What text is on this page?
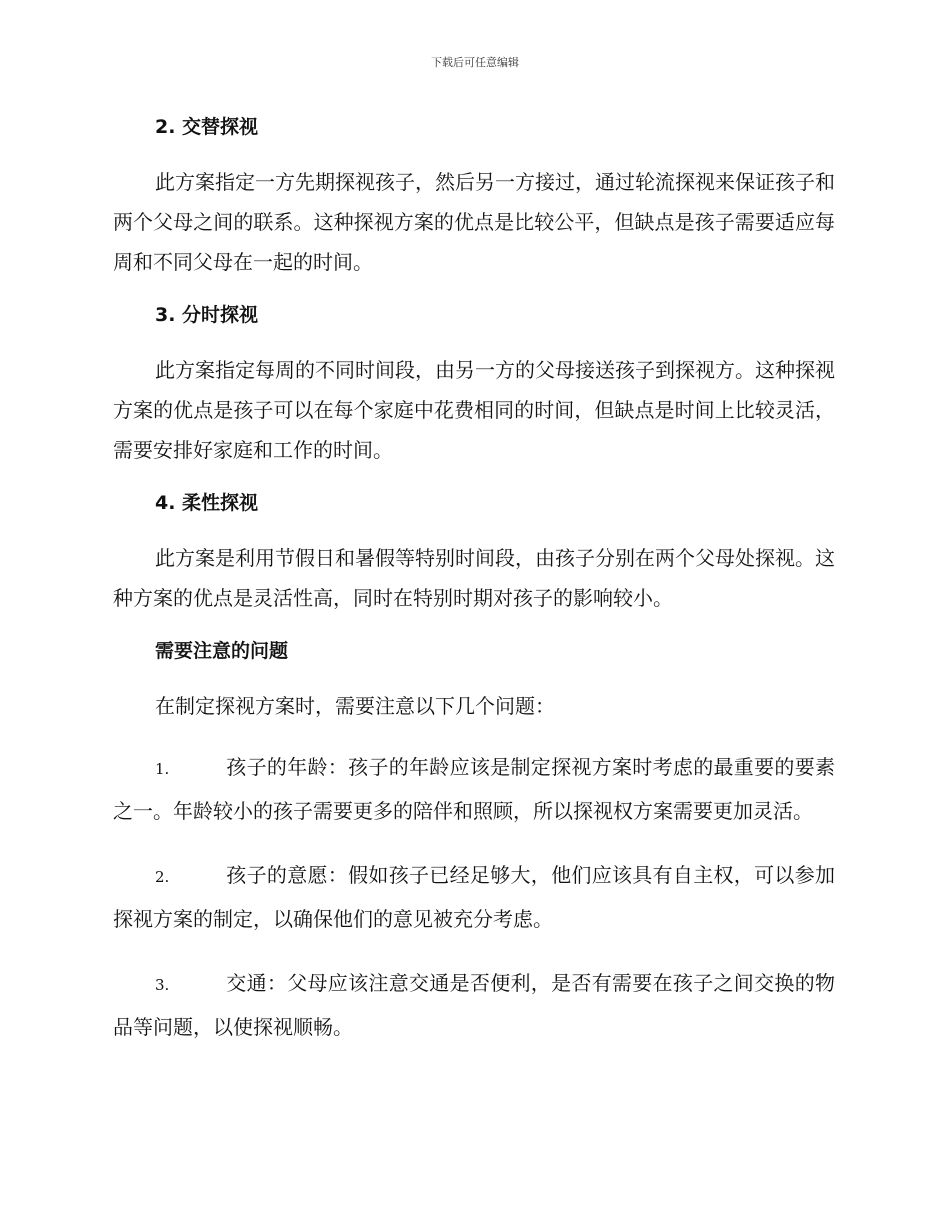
下载后可任意编辑
2. 交替探视

此方案指定一方先期探视孩子，然后另一方接过，通过轮流探视来保证孩子和两个父母之间的联系。这种探视方案的优点是比较公平，但缺点是孩子需要适应每周和不同父母在一起的时间。

3. 分时探视

此方案指定每周的不同时间段，由另一方的父母接送孩子到探视方。这种探视方案的优点是孩子可以在每个家庭中花费相同的时间，但缺点是时间上比较灵活，需要安排好家庭和工作的时间。

4. 柔性探视

此方案是利用节假日和暑假等特别时间段，由孩子分别在两个父母处探视。这种方案的优点是灵活性高，同时在特别时期对孩子的影响较小。

需要注意的问题

在制定探视方案时，需要注意以下几个问题：

1.	孩子的年龄：孩子的年龄应该是制定探视方案时考虑的最重要的要素之一。年龄较小的孩子需要更多的陪伴和照顾，所以探视权方案需要更加灵活。
2.	孩子的意愿：假如孩子已经足够大，他们应该具有自主权，可以参加探视方案的制定，以确保他们的意见被充分考虑。
3.	交通：父母应该注意交通是否便利，是否有需要在孩子之间交换的物品等问题，以使探视顺畅。
